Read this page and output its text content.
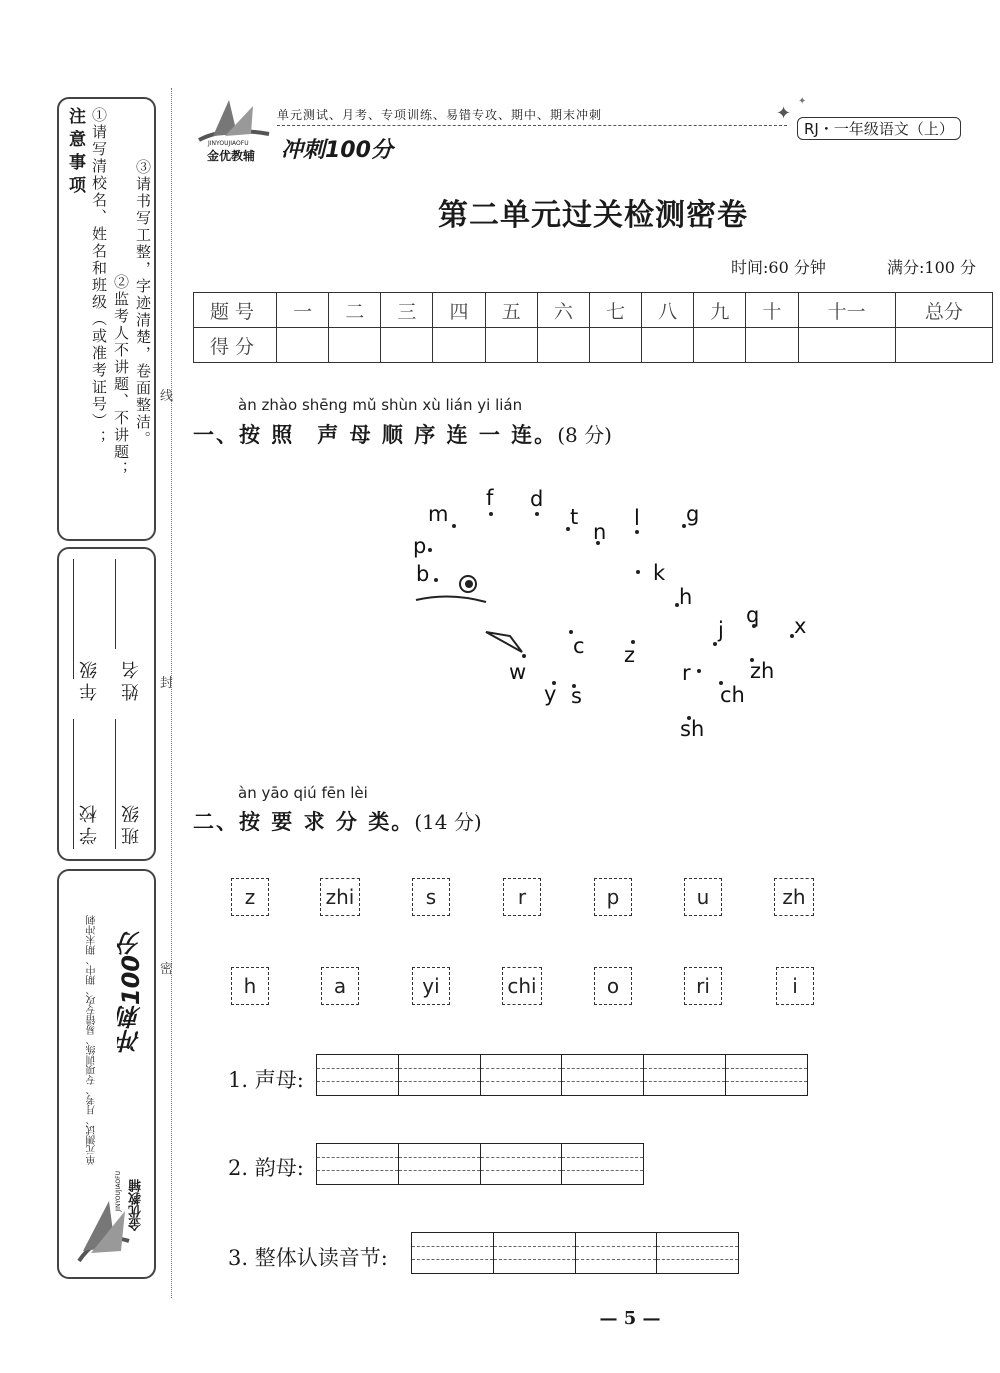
注意事项 ①请写清校名、姓名和班级（或准考证号）； ②监考人不讲题、不讲题； ③请书写工整，字迹清楚，卷面整洁。
学校
年级
班级
姓名
单元测试、月考、专项训练、易错专攻、期中、期末冲刺 冲刺100分
金优教辅
JINYOUJIAOFU
线
封
密
JINYOUJIAOFU
金优教辅 冲刺100分
单元测试、月考、专项训练、易错专攻、期中、期末冲刺	✦
✦
RJ・一年级语文（上）
第二单元过关检测密卷
时间:60 分钟	满分:100 分
题号	一	二	三	四	五	六	七	八	九	十	十一	总分
得分												
àn zhào shēng mǔ shùn xù lián yi lián
一、按 照　声 母 顺 序 连 一 连。(8 分)
b
p
m
f d
t
n
l g
k
h
j
q x
zh
ch
sh
r
z
c
s
y
w
àn yāo qiú fēn lèi
二、按 要 求 分 类。(14 分)
z	zhi	s	r	p	u	zh
h	a	yi	chi	o	ri	i
1. 声母:
2. 韵母:
3. 整体认读音节:
— 5 —
